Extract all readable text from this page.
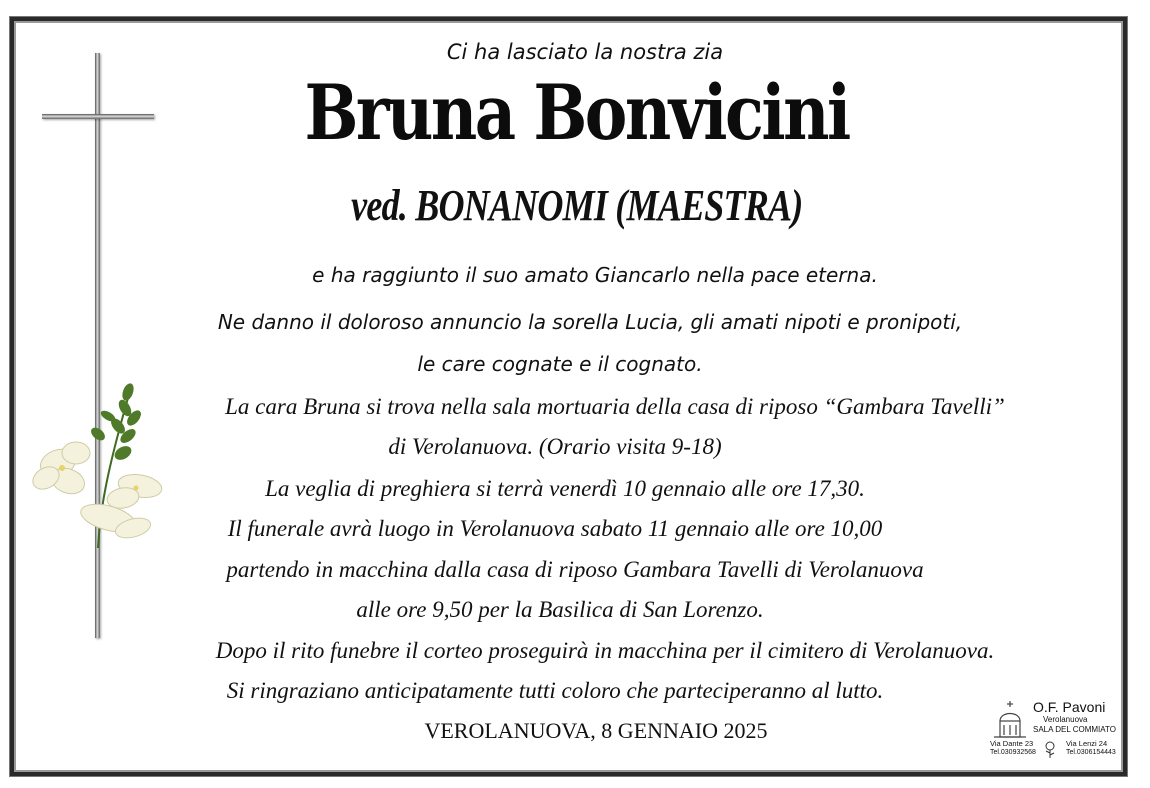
Ci ha lasciato la nostra zia
Bruna Bonvicini
ved. BONANOMI (MAESTRA)
e ha raggiunto il suo amato Giancarlo nella pace eterna.
Ne danno il doloroso annuncio la sorella Lucia, gli amati nipoti e pronipoti,
le care cognate e il cognato.
La cara Bruna si trova nella sala mortuaria della casa di riposo “Gambara Tavelli”
di Verolanuova. (Orario visita 9-18)
La veglia di preghiera si terrà venerdì 10 gennaio alle ore 17,30.
Il funerale avrà luogo in Verolanuova sabato 11 gennaio alle ore 10,00
partendo in macchina dalla casa di riposo Gambara Tavelli di Verolanuova
alle ore 9,50 per la Basilica di San Lorenzo.
Dopo il rito funebre il corteo proseguirà in macchina per il cimitero di Verolanuova.
Si ringraziano anticipatamente tutti coloro che parteciperanno al lutto.
VEROLANUOVA, 8 GENNAIO 2025
O.F. Pavoni
Verolanuova
SALA DEL COMMIATO
Via Dante 23
Tel.030932568
Via Lenzi 24
Tel.0306154443
